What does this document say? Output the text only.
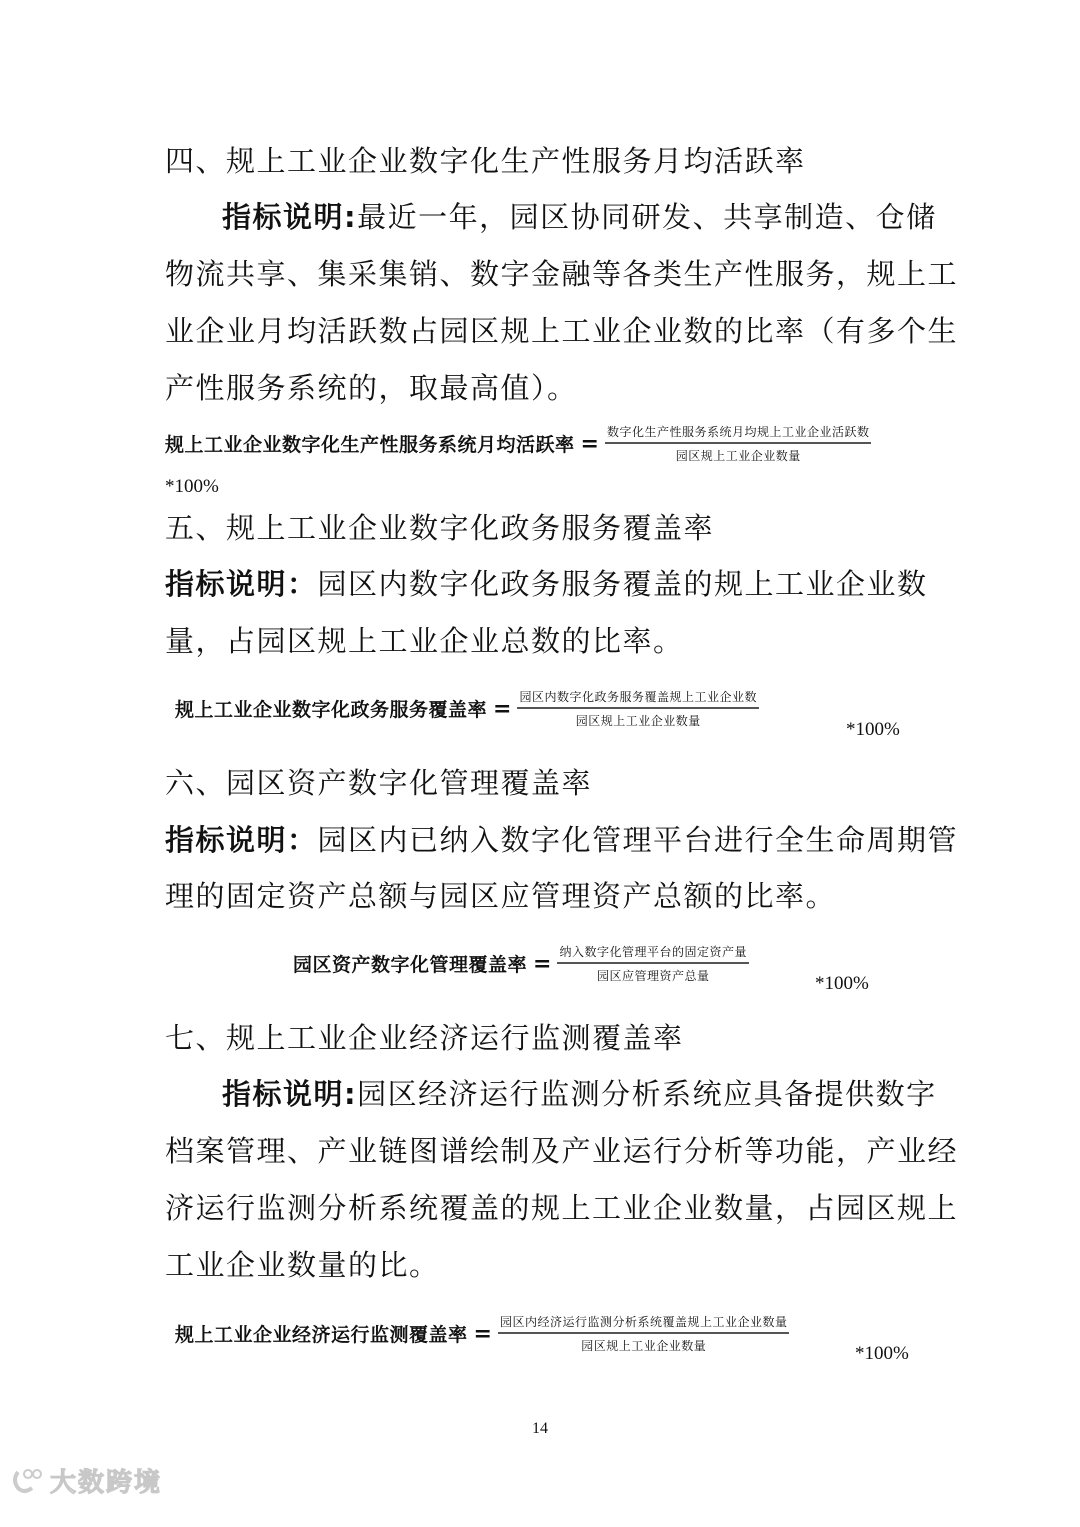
四、规上工业企业数字化生产性服务月均活跃率
指标说明:最近一年，园区协同研发、共享制造、仓储
物流共享、集采集销、数字金融等各类生产性服务，规上工
业企业月均活跃数占园区规上工业企业数的比率（有多个生
产性服务系统的，取最高值）。
规上工业企业数字化生产性服务系统月均活跃率 = $\frac{\text{数字化生产性服务系统月均规上工业企业活跃数}}{\text{园区规上工业企业数量}}$
*100%
五、规上工业企业数字化政务服务覆盖率
指标说明：园区内数字化政务服务覆盖的规上工业企业数
量，占园区规上工业企业总数的比率。
规上工业企业数字化政务服务覆盖率 = $\frac{\text{园区内数字化政务服务覆盖规上工业企业数}}{\text{园区规上工业企业数量}}$
*100%
六、园区资产数字化管理覆盖率
指标说明：园区内已纳入数字化管理平台进行全生命周期管
理的固定资产总额与园区应管理资产总额的比率。
园区资产数字化管理覆盖率 = $\frac{\text{纳入数字化管理平台的固定资产量}}{\text{园区应管理资产总量}}$	*100%
七、规上工业企业经济运行监测覆盖率
指标说明:园区经济运行监测分析系统应具备提供数字
档案管理、产业链图谱绘制及产业运行分析等功能，产业经
济运行监测分析系统覆盖的规上工业企业数量，占园区规上
工业企业数量的比。
规上工业企业经济运行监测覆盖率 = $\frac{\text{园区内经济运行监测分析系统覆盖规上工业企业数量}}{\text{园区规上工业企业数量}}$	*100%
14
大数跨境
